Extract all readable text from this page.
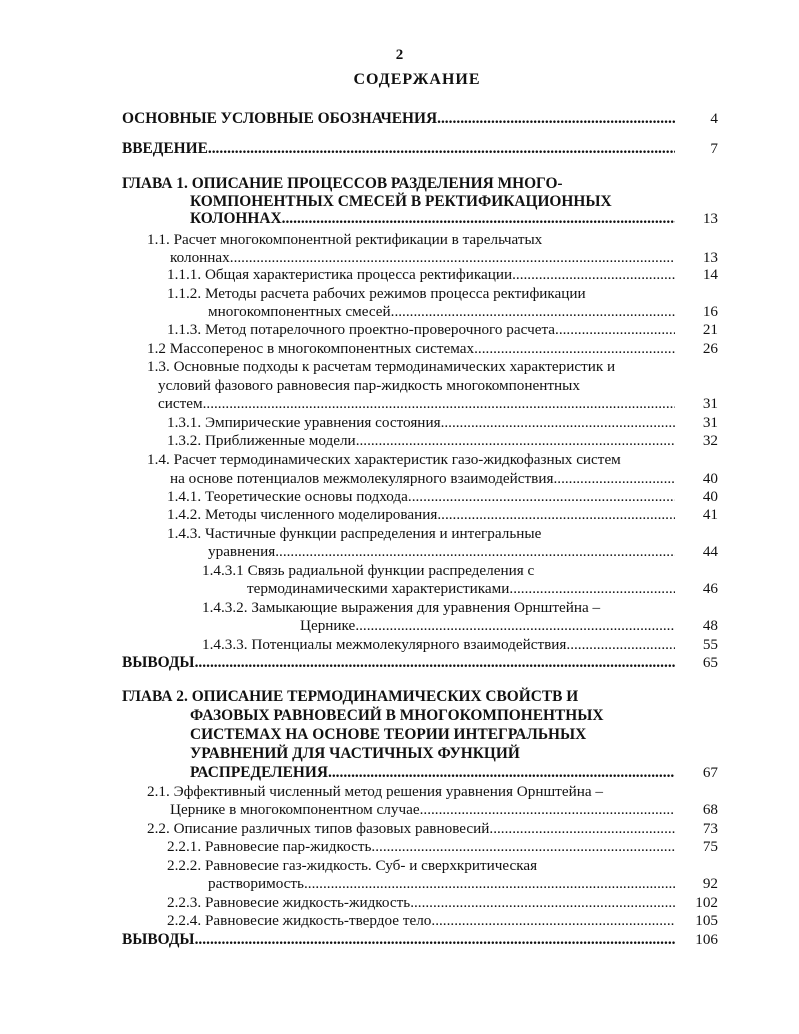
2
СОДЕРЖАНИЕ
4
ОСНОВНЫЕ УСЛОВНЫЕ ОБОЗНАЧЕНИЯ
.....
7
ВВЕДЕНИЕ
.....
ГЛАВА 1. ОПИСАНИЕ ПРОЦЕССОВ РАЗДЕЛЕНИЯ МНОГО-
КОМПОНЕНТНЫХ СМЕСЕЙ В РЕКТИФИКАЦИОННЫХ
13
КОЛОННАХ
.....
1.1. Расчет многокомпонентной ректификации в тарельчатых
13
колоннах
.....
14
1.1.1. Общая характеристика процесса ректификации
.....
1.1.2. Методы расчета рабочих режимов процесса ректификации
16
многокомпонентных смесей
.....
21
1.1.3. Метод потарелочного проектно-проверочного расчета
.....
26
1.2 Массоперенос в многокомпонентных системах
.....
1.3. Основные подходы к расчетам термодинамических характеристик и
условий фазового равновесия пар-жидкость многокомпонентных
31
систем
.....
31
1.3.1. Эмпирические уравнения состояния
.....
32
1.3.2. Приближенные модели
.....
1.4. Расчет термодинамических характеристик газо-жидкофазных систем
40
на основе потенциалов межмолекулярного взаимодействия
.....
40
1.4.1. Теоретические основы подхода
.....
41
1.4.2. Методы численного моделирования
.....
1.4.3. Частичные функции распределения и интегральные
44
уравнения
.....
1.4.3.1 Связь радиальной функции распределения с
46
термодинамическими характеристиками
.....
1.4.3.2. Замыкающие выражения для уравнения Орнштейна –
48
Цернике
.....
55
1.4.3.3. Потенциалы межмолекулярного взаимодействия
.....
65
ВЫВОДЫ
.....
ГЛАВА 2. ОПИСАНИЕ ТЕРМОДИНАМИЧЕСКИХ СВОЙСТВ И
ФАЗОВЫХ РАВНОВЕСИЙ В МНОГОКОМПОНЕНТНЫХ
СИСТЕМАХ НА ОСНОВЕ ТЕОРИИ ИНТЕГРАЛЬНЫХ
УРАВНЕНИЙ ДЛЯ ЧАСТИЧНЫХ ФУНКЦИЙ
67
РАСПРЕДЕЛЕНИЯ
.....
2.1. Эффективный численный метод решения уравнения Орнштейна –
68
Цернике в многокомпонентном случае
.....
73
2.2. Описание различных типов фазовых равновесий
.....
75
2.2.1. Равновесие пар-жидкость
.....
2.2.2. Равновесие газ-жидкость. Суб- и сверхкритическая
92
растворимость
.....
102
2.2.3. Равновесие жидкость-жидкость
.....
105
2.2.4. Равновесие жидкость-твердое тело
.....
106
ВЫВОДЫ
.....
